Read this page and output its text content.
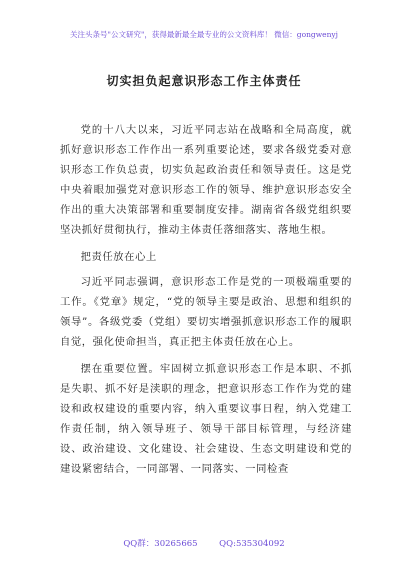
关注头条号"公文研究"，获得最新最全最专业的公文资料库！ 微信：gongwenyj
切实担负起意识形态工作主体责任

党的十八大以来，习近平同志站在战略和全局高度，就抓好意识形态工作作出一系列重要论述，要求各级党委对意识形态工作负总责，切实负起政治责任和领导责任。这是党中央着眼加强党对意识形态工作的领导、维护意识形态安全作出的重大决策部署和重要制度安排。湖南省各级党组织要坚决抓好贯彻执行，推动主体责任落细落实、落地生根。

把责任放在心上

习近平同志强调，意识形态工作是党的一项极端重要的工作。《党章》规定，“党的领导主要是政治、思想和组织的领导”。各级党委（党组）要切实增强抓意识形态工作的履职自觉，强化使命担当，真正把主体责任放在心上。

摆在重要位置。牢固树立抓意识形态工作是本职、不抓是失职、抓不好是渎职的理念，把意识形态工作作为党的建设和政权建设的重要内容，纳入重要议事日程，纳入党建工作责任制，纳入领导班子、领导干部目标管理，与经济建设、政治建设、文化建设、社会建设、生态文明建设和党的建设紧密结合，一同部署、一同落实、一同检查

QQ群：30265665        QQ:535304092
